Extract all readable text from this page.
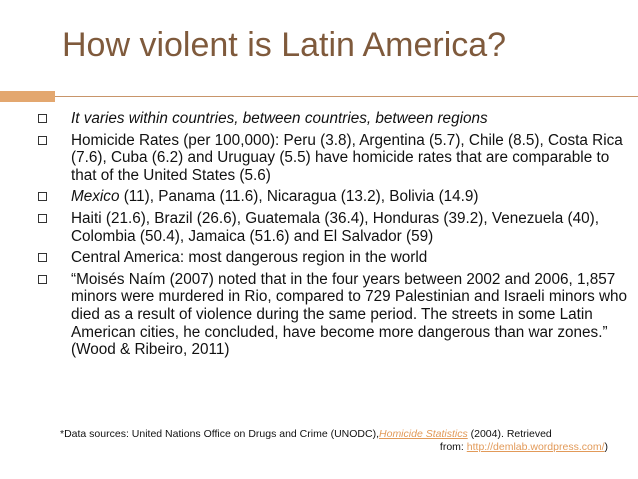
How violent is Latin America?
It varies within countries, between countries, between regions
Homicide Rates (per 100,000): Peru (3.8), Argentina (5.7), Chile (8.5), Costa Rica (7.6), Cuba (6.2) and Uruguay (5.5) have homicide rates that are comparable to that of the United States (5.6)
Mexico (11), Panama (11.6), Nicaragua (13.2), Bolivia (14.9)
Haiti (21.6), Brazil (26.6), Guatemala (36.4), Honduras (39.2), Venezuela (40), Colombia (50.4), Jamaica (51.6) and El Salvador (59)
Central America: most dangerous region in the world
“Moisés Naím (2007) noted that in the four years between 2002 and 2006, 1,857 minors were murdered in Rio, compared to 729 Palestinian and Israeli minors who died as a result of violence during the same period. The streets in some Latin American cities, he concluded, have become more dangerous than war zones.” (Wood & Ribeiro, 2011)
*Data sources: United Nations Office on Drugs and Crime (UNODC),Homicide Statistics (2004). Retrieved
from: http://demlab.wordpress.com/)
